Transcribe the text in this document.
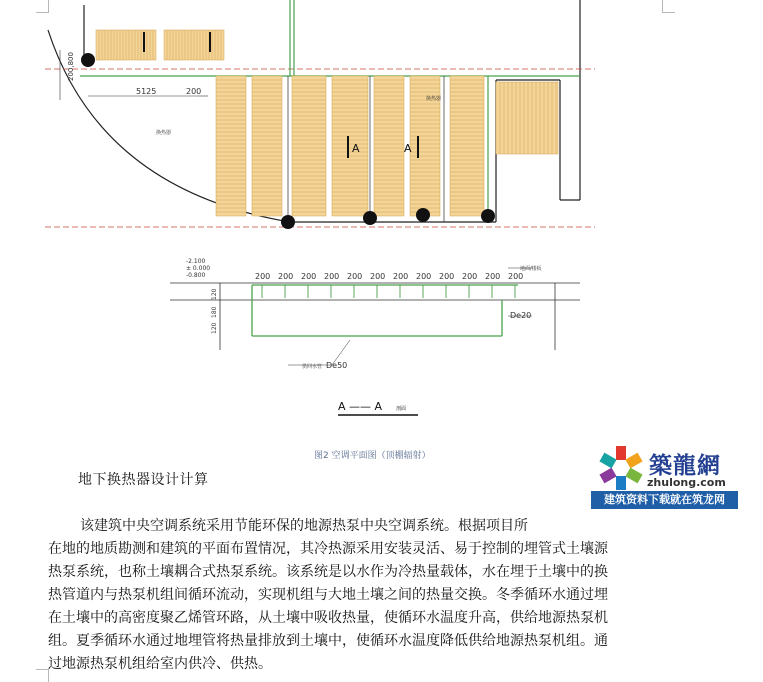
5125	200
200,800
换热器
换热器
A	A
200 200 200 200 200 200 200 200 200 200 200 200
± 0.000
-0.800
-2.100
120
180
120
De20
供回水管 De50
地面/楼板
A —— A	剖面
图2 空调平面图（顶棚辐射）	築龍網
zhulong.com
建筑资料下载就在筑龙网
地下换热器设计计算
该建筑中央空调系统采用节能环保的地源热泵中央空调系统。根据项目所
在地的地质勘测和建筑的平面布置情况，其冷热源采用安装灵活、易于控制的埋管式土壤源
热泵系统，也称土壤耦合式热泵系统。该系统是以水作为冷热量载体，水在埋于土壤中的换
热管道内与热泵机组间循环流动，实现机组与大地土壤之间的热量交换。冬季循环水通过埋
在土壤中的高密度聚乙烯管环路，从土壤中吸收热量，使循环水温度升高，供给地源热泵机
组。夏季循环水通过地埋管将热量排放到土壤中，使循环水温度降低供给地源热泵机组。通
过地源热泵机组给室内供冷、供热。
